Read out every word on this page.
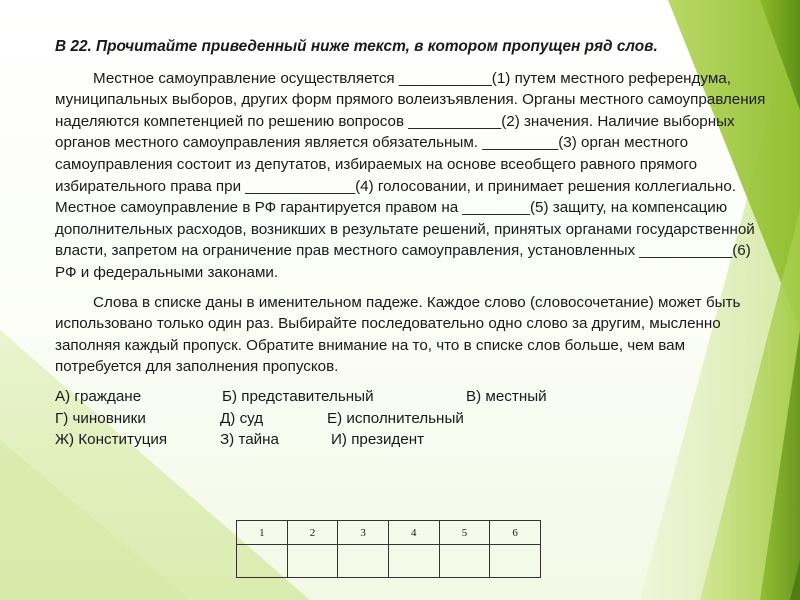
В 22. Прочитайте приведенный ниже текст, в котором пропущен ряд слов.

Местное самоуправление осуществляется ___________(1) путем местного референдума, муниципальных выборов, других форм прямого волеизъявления. Органы местного самоуправления наделяются компетенцией по решению вопросов ___________(2) значения. Наличие выборных органов местного самоуправления является обязательным. _________(3) орган местного самоуправления состоит из депутатов, избираемых на основе всеобщего равного прямого избирательного права при _____________(4) голосовании, и принимает решения коллегиально. Местное самоуправление в РФ гарантируется правом на ________(5) защиту, на компенсацию дополнительных расходов, возникших в результате решений, принятых органами государственной власти, запретом на ограничение прав местного самоуправления, установленных ___________(6) РФ и федеральными законами.

Слова в списке даны в именительном падеже. Каждое слово (словосочетание) может быть использовано только один раз. Выбирайте последовательно одно слово за другим, мысленно заполняя каждый пропуск. Обратите внимание на то, что в списке слов больше, чем вам потребуется для заполнения пропусков.

А) граждане	Б) представительный	В) местный
Г) чиновники	Д) суд	Е) исполнительный
Ж) Конституция	З) тайна	И) президент
1	2	3	4	5	6
